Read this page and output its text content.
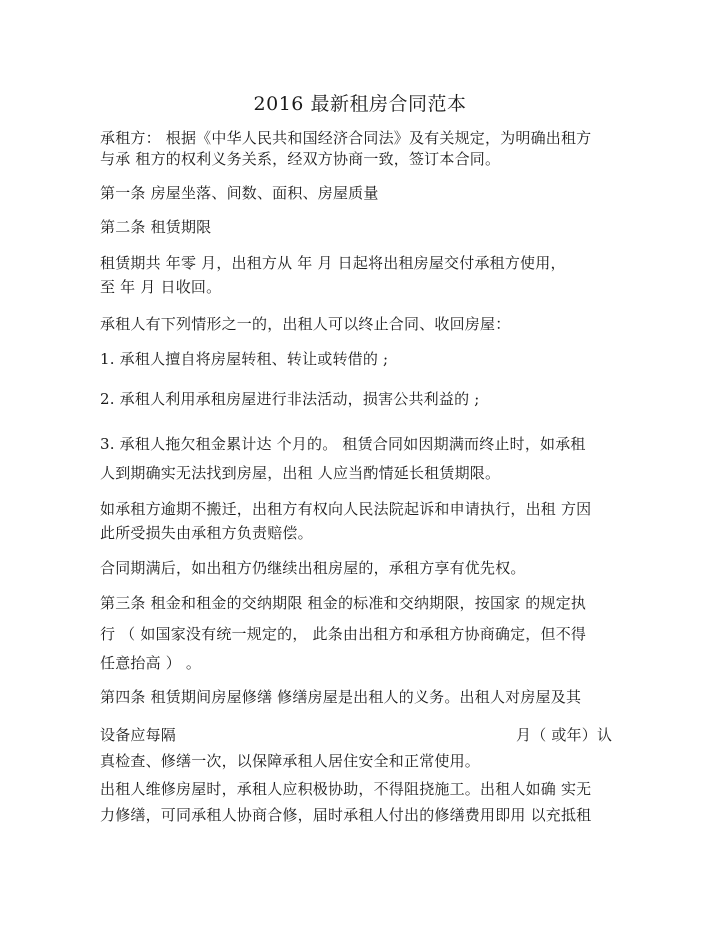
2016 最新租房合同范本
承租方： 根据《中华人民共和国经济合同法》及有关规定，为明确出租方
与承 租方的权利义务关系，经双方协商一致，签订本合同。
第一条 房屋坐落、间数、面积、房屋质量
第二条 租赁期限
租赁期共 年零 月，出租方从 年 月 日起将出租房屋交付承租方使用，
至 年 月 日收回。
承租人有下列情形之一的，出租人可以终止合同、收回房屋：
1. 承租人擅自将房屋转租、转让或转借的 ;
2. 承租人利用承租房屋进行非法活动，损害公共利益的 ;
3. 承租人拖欠租金累计达 个月的。 租赁合同如因期满而终止时，如承租
人到期确实无法找到房屋，出租 人应当酌情延长租赁期限。
如承租方逾期不搬迁，出租方有权向人民法院起诉和申请执行，出租 方因
此所受损失由承租方负责赔偿。
合同期满后，如出租方仍继续出租房屋的，承租方享有优先权。
第三条 租金和租金的交纳期限 租金的标准和交纳期限，按国家 的规定执
行 （ 如国家没有统一规定的， 此条由出租方和承租方协商确定，但不得
任意抬高 ） 。
第四条 租赁期间房屋修缮 修缮房屋是出租人的义务。出租人对房屋及其
设备应每隔	月（ 或年）认
真检查、修缮一次，以保障承租人居住安全和正常使用。
出租人维修房屋时，承租人应积极协助，不得阻挠施工。出租人如确 实无
力修缮，可同承租人协商合修，届时承租人付出的修缮费用即用 以充抵租
